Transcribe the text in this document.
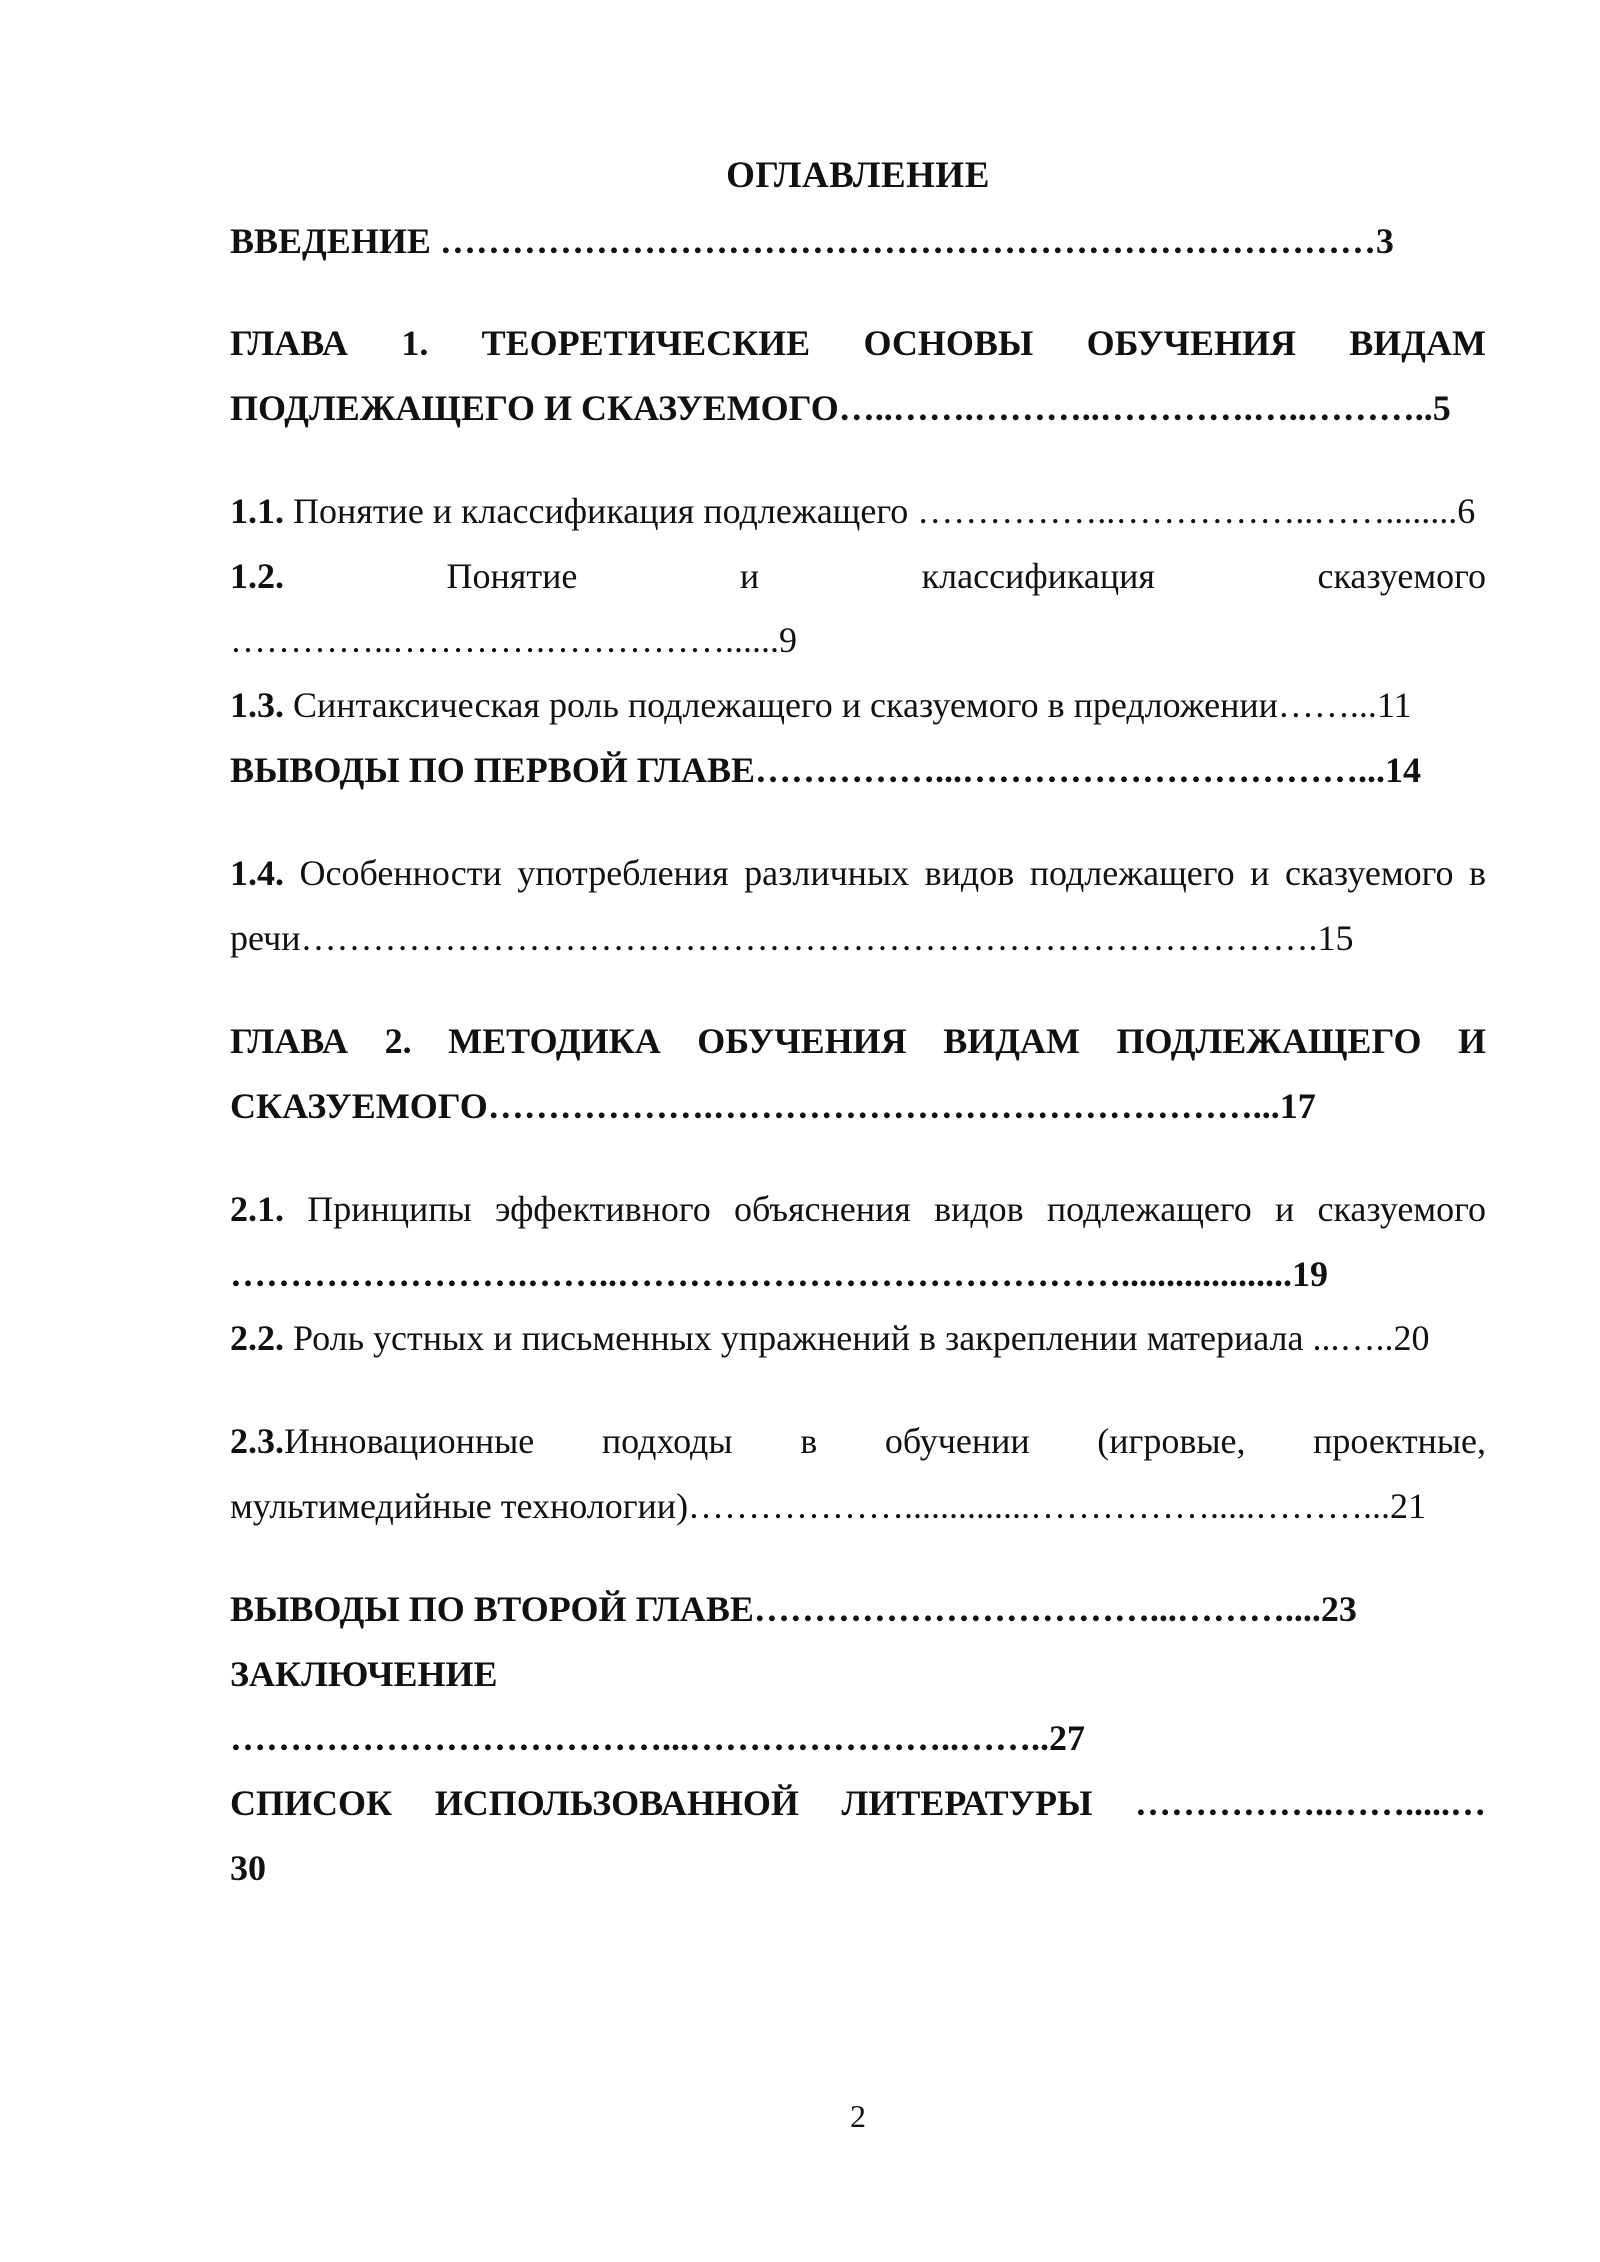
ОГЛАВЛЕНИЕ
ВВЕДЕНИЕ ……………………………………………………………………3
ГЛАВА 1. ТЕОРЕТИЧЕСКИЕ ОСНОВЫ ОБУЧЕНИЯ ВИДАМ
ПОДЛЕЖАЩЕГО И СКАЗУЕМОГО…..…….………..………….…..………..5
1.1. Понятие и классификация подлежащего ……………..……………..……........6
1.2. Понятие и классификация сказуемого
…………..………….……………......9
1.3. Синтаксическая роль подлежащего и сказуемого в предложении……...11
ВЫВОДЫ ПО ПЕРВОЙ ГЛАВЕ……………...……………………………...14
1.4. Особенности употребления различных видов подлежащего и сказуемого в
речи………………………………………………………………………….15
ГЛАВА 2. МЕТОДИКА ОБУЧЕНИЯ ВИДАМ ПОДЛЕЖАЩЕГО И
СКАЗУЕМОГО……………….………………………………………...17
2.1. Принципы эффективного объяснения видов подлежащего и сказуемого
…………………….……..……………………………………...................19
2.2. Роль устных и письменных упражнений в закреплении материала ...…..20
2.3.Инновационные подходы в обучении (игровые, проектные,
мультимедийные технологии)………………..............…………….....………...21
ВЫВОДЫ ПО ВТОРОЙ ГЛАВЕ……………………………...………....23
ЗАКЛЮЧЕНИЕ
………………………………...…………………..……..27
СПИСОК ИСПОЛЬЗОВАННОЙ ЛИТЕРАТУРЫ ……………..…….....…
30
2
